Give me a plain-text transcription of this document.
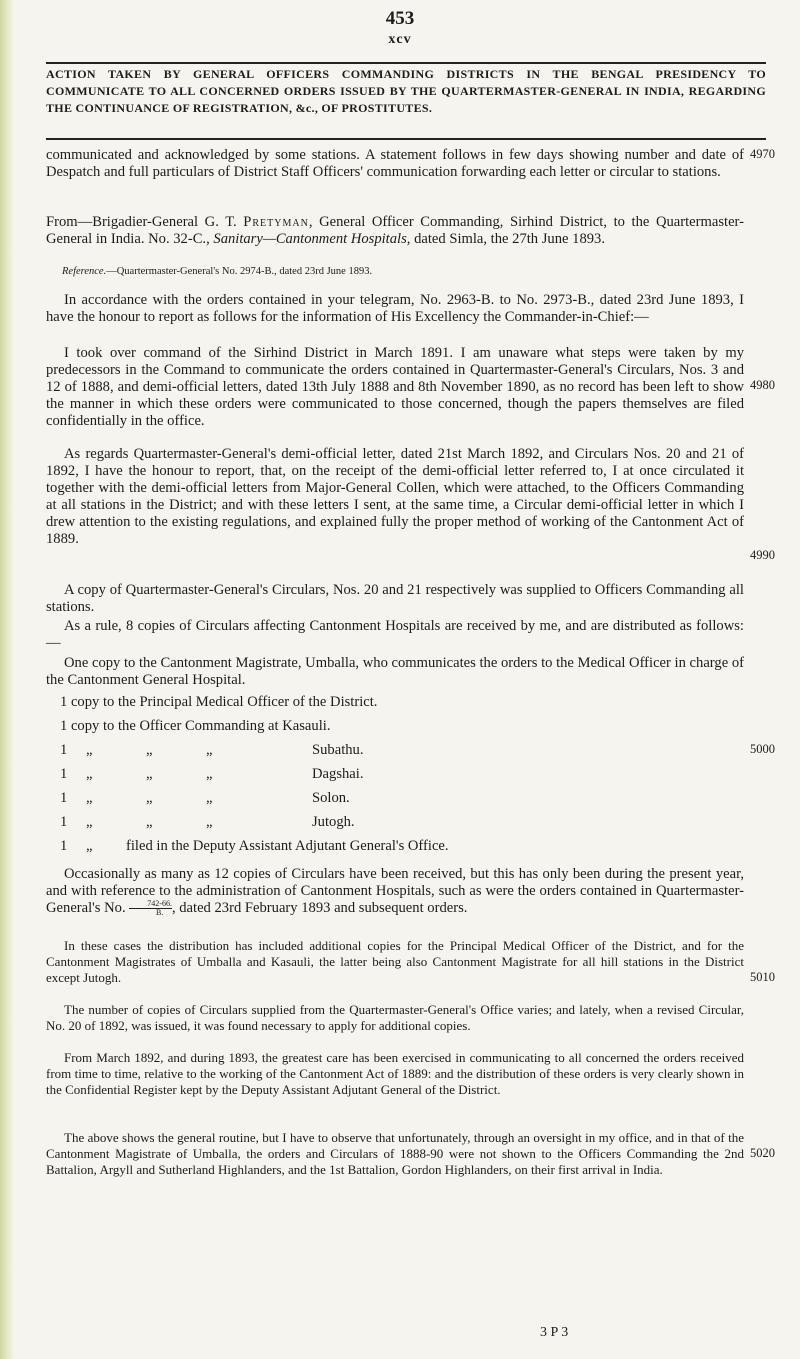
453
xcv
ACTION TAKEN BY GENERAL OFFICERS COMMANDING DISTRICTS IN THE BENGAL PRESIDENCY TO COMMUNICATE TO ALL CONCERNED ORDERS ISSUED BY THE QUARTERMASTER-GENERAL IN INDIA, REGARDING THE CONTINUANCE OF REGISTRATION, &c., OF PROSTITUTES.

communicated and acknowledged by some stations. A statement follows in few days showing number and date of Despatch and full particulars of District Staff Officers' communication forwarding each letter or circular to stations.

From—Brigadier-General G. T. Pretyman, General Officer Commanding, Sirhind District, to the Quartermaster-General in India. No. 32-C., Sanitary—Cantonment Hospitals, dated Simla, the 27th June 1893.

Reference.—Quartermaster-General's No. 2974-B., dated 23rd June 1893.

In accordance with the orders contained in your telegram, No. 2963-B. to No. 2973-B., dated 23rd June 1893, I have the honour to report as follows for the information of His Excellency the Commander-in-Chief:—

I took over command of the Sirhind District in March 1891. I am unaware what steps were taken by my predecessors in the Command to communicate the orders contained in Quartermaster-General's Circulars, Nos. 3 and 12 of 1888, and demi-official letters, dated 13th July 1888 and 8th November 1890, as no record has been left to show the manner in which these orders were communicated to those concerned, though the papers themselves are filed confidentially in the office.

As regards Quartermaster-General's demi-official letter, dated 21st March 1892, and Circulars Nos. 20 and 21 of 1892, I have the honour to report, that, on the receipt of the demi-official letter referred to, I at once circulated it together with the demi-official letters from Major-General Collen, which were attached, to the Officers Commanding at all stations in the District; and with these letters I sent, at the same time, a Circular demi-official letter in which I drew attention to the existing regulations, and explained fully the proper method of working of the Cantonment Act of 1889.

A copy of Quartermaster-General's Circulars, Nos. 20 and 21 respectively was supplied to Officers Commanding all stations.

As a rule, 8 copies of Circulars affecting Cantonment Hospitals are received by me, and are distributed as follows:—

One copy to the Cantonment Magistrate, Umballa, who communicates the orders to the Medical Officer in charge of the Cantonment General Hospital.

1 copy to the Principal Medical Officer of the District.
1 copy to the Officer Commanding at Kasauli.
1 „	„	„	Subathu.
1 „	„	„	Dagshai.
1 „	„	„	Solon.
1 „	„	„	Jutogh.
1 „ filed in the Deputy Assistant Adjutant General's Office.

Occasionally as many as 12 copies of Circulars have been received, but this has only been during the present year, and with reference to the administration of Cantonment Hospitals, such as were the orders contained in Quartermaster-General's No. $\frac{742-66.}{B.}$ , dated 23rd February 1893 and subsequent orders.

In these cases the distribution has included additional copies for the Principal Medical Officer of the District, and for the Cantonment Magistrates of Umballa and Kasauli, the latter being also Cantonment Magistrate for all hill stations in the District except Jutogh.

The number of copies of Circulars supplied from the Quartermaster-General's Office varies; and lately, when a revised Circular, No. 20 of 1892, was issued, it was found necessary to apply for additional copies.

From March 1892, and during 1893, the greatest care has been exercised in communicating to all concerned the orders received from time to time, relative to the working of the Cantonment Act of 1889: and the distribution of these orders is very clearly shown in the Confidential Register kept by the Deputy Assistant Adjutant General of the District.

The above shows the general routine, but I have to observe that unfortunately, through an oversight in my office, and in that of the Cantonment Magistrate of Umballa, the orders and Circulars of 1888-90 were not shown to the Officers Commanding the 2nd Battalion, Argyll and Sutherland Highlanders, and the 1st Battalion, Gordon Highlanders, on their first arrival in India.

4970
4980
4990
5000
5010
5020
3 P 3
